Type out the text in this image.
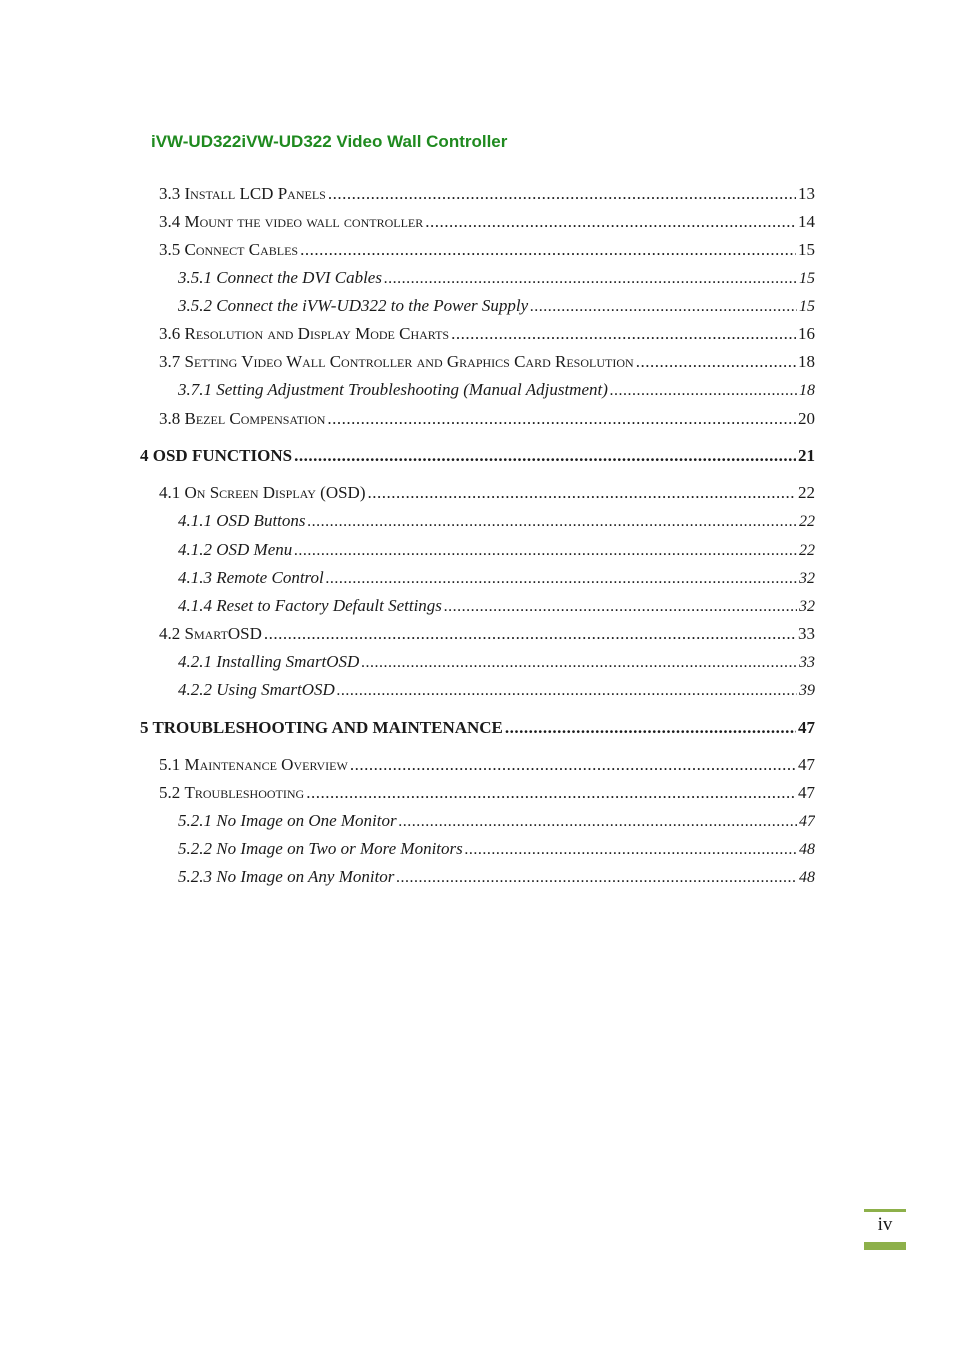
iVW-UD322iVW-UD322 Video Wall Controller
3.3 Install LCD Panels .....	13
3.4 Mount the video wall controller .....	14
3.5 Connect Cables .....	15
3.5.1 Connect the DVI Cables .....	15
3.5.2 Connect the iVW-UD322 to the Power Supply .....	15
3.6 Resolution and Display Mode Charts .....	16
3.7 Setting Video Wall Controller and Graphics Card Resolution .....	18
3.7.1 Setting Adjustment Troubleshooting (Manual Adjustment) .....	18
3.8 Bezel Compensation .....	20
4 OSD FUNCTIONS .....	21
4.1 On Screen Display (OSD) .....	22
4.1.1 OSD Buttons .....	22
4.1.2 OSD Menu .....	22
4.1.3 Remote Control .....	32
4.1.4 Reset to Factory Default Settings .....	32
4.2 SmartOSD .....	33
4.2.1 Installing SmartOSD .....	33
4.2.2 Using SmartOSD .....	39
5 TROUBLESHOOTING AND MAINTENANCE .....	47
5.1 Maintenance Overview .....	47
5.2 Troubleshooting .....	47
5.2.1 No Image on One Monitor .....	47
5.2.2 No Image on Two or More Monitors .....	48
5.2.3 No Image on Any Monitor .....	48
iv
